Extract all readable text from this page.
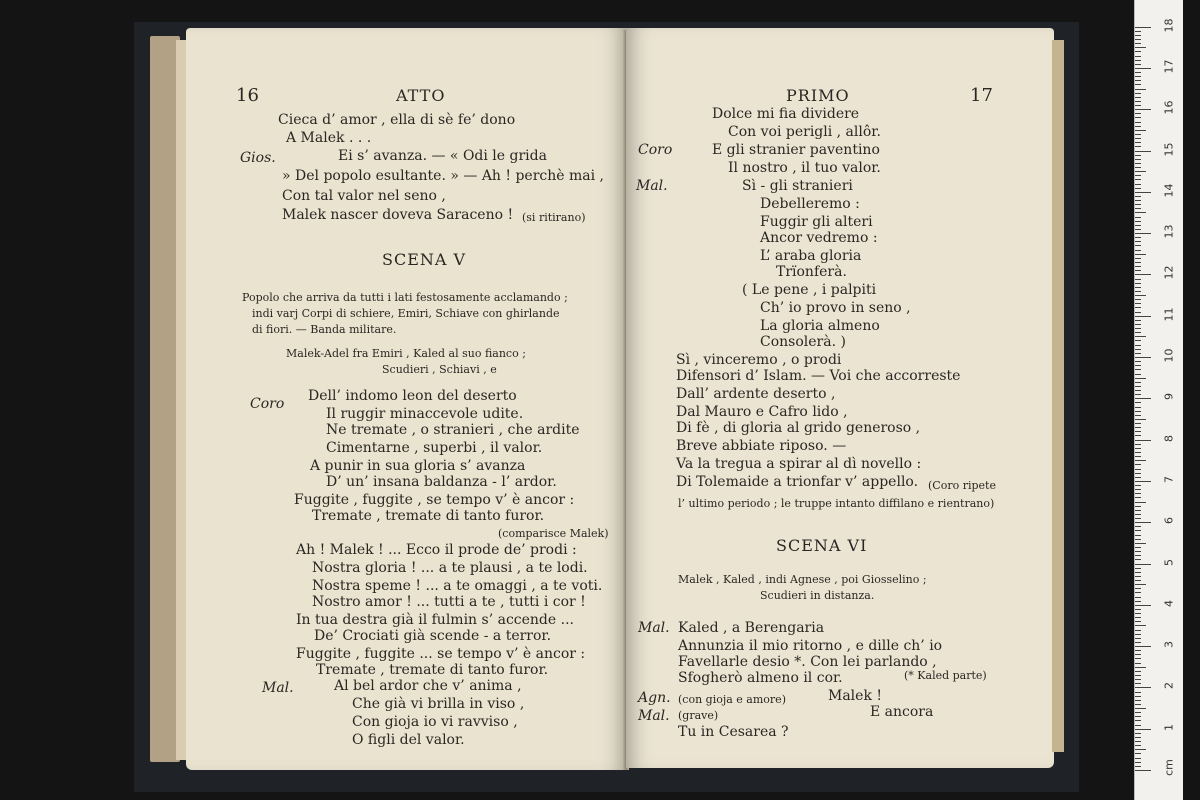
16	ATTO
Cieca d’ amor , ella di sè fe’ dono
A Malek . . .
Gios.	Ei s’ avanza. — « Odi le grida
» Del popolo esultante. » — Ah ! perchè mai ,
Con tal valor nel seno ,
Malek nascer doveva Saraceno ! (si ritirano)
SCENA V
Popolo che arriva da tutti i lati festosamente acclamando ;
indi varj Corpi di schiere, Emiri, Schiave con ghirlande
di fiori. — Banda militare.
Malek-Adel fra Emiri , Kaled al suo fianco ;
Scudieri , Schiavi , e
Coro Dell’ indomo leon del deserto
Il ruggir minaccevole udite.
Ne tremate , o stranieri , che ardite
Cimentarne , superbi , il valor.
A punir in sua gloria s’ avanza
D’ un’ insana baldanza - l’ ardor.
Fuggite , fuggite , se tempo v’ è ancor :
Tremate , tremate di tanto furor.
(comparisce Malek)
Ah ! Malek ! ... Ecco il prode de’ prodi :
Nostra gloria ! ... a te plausi , a te lodi.
Nostra speme ! ... a te omaggi , a te voti.
Nostro amor ! ... tutti a te , tutti i cor !
In tua destra già il fulmin s’ accende ...
De’ Crociati già scende - a terror.
Fuggite , fuggite ... se tempo v’ è ancor :
Tremate , tremate di tanto furor.
Mal.	Al bel ardor che v’ anima ,
Che già vi brilla in viso ,
Con gioja io vi ravviso ,
O figli del valor.
PRIMO	17
Dolce mi fia dividere
Con voi perigli , allôr.
Coro	E gli stranier paventino
Il nostro , il tuo valor.
Mal.	Sì - gli stranieri
Debelleremo :
Fuggir gli alteri
Ancor vedremo :
L’ araba gloria
Trïonferà.
( Le pene , i palpiti
Ch’ io provo in seno ,
La gloria almeno
Consolerà. )
Sì , vinceremo , o prodi
Difensori d’ Islam. — Voi che accorreste
Dall’ ardente deserto ,
Dal Mauro e Cafro lido ,
Di fè , di gloria al grido generoso ,
Breve abbiate riposo. —
Va la tregua a spirar al dì novello :
Di Tolemaide a trionfar v’ appello. (Coro ripete
l’ ultimo periodo ; le truppe intanto diffilano e rientrano)
SCENA VI
Malek , Kaled , indi Agnese , poi Giosselino ;
Scudieri in distanza.
Mal. Kaled , a Berengaria
Annunzia il mio ritorno , e dille ch’ io
Favellarle desio *. Con lei parlando ,
Sfogherò almeno il cor.	(* Kaled parte)
Agn. (con gioja e amore)	Malek !
Mal. (grave)	E ancora
Tu in Cesarea ?
cm
1
2
3
4
5
6
7
8
9
10
11
12
13
14
15
16
17
18
